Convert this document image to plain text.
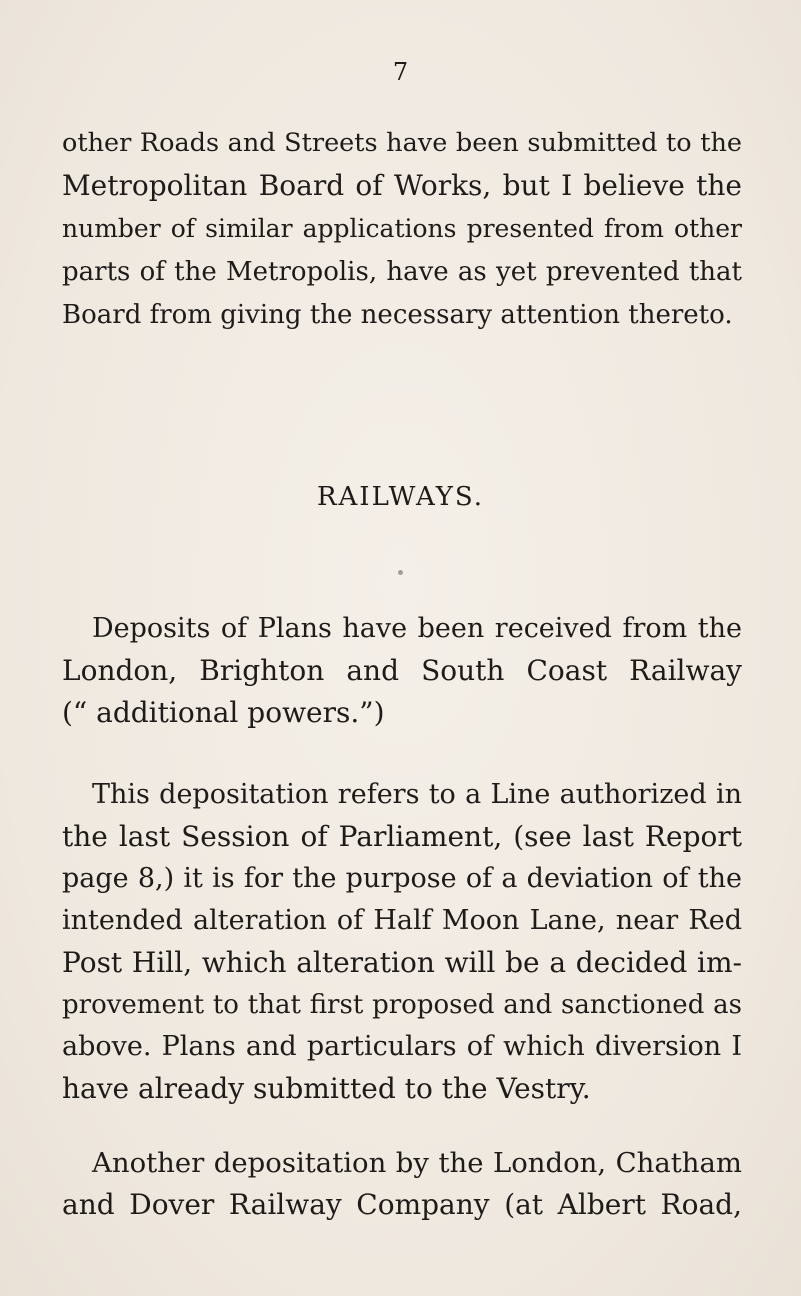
7
other Roads and Streets have been submitted to the
Metropolitan Board of Works, but I believe the
number of similar applications presented from other
parts of the Metropolis, have as yet prevented that
Board from giving the necessary attention thereto.
RAILWAYS.
Deposits of Plans have been received from the
London, Brighton and South Coast Railway
(“ additional powers.”)
This depositation refers to a Line authorized in
the last Session of Parliament, (see last Report
page 8,) it is for the purpose of a deviation of the
intended alteration of Half Moon Lane, near Red
Post Hill, which alteration will be a decided im-
provement to that first proposed and sanctioned as
above. Plans and particulars of which diversion I
have already submitted to the Vestry.
Another depositation by the London, Chatham
and Dover Railway Company (at Albert Road,
